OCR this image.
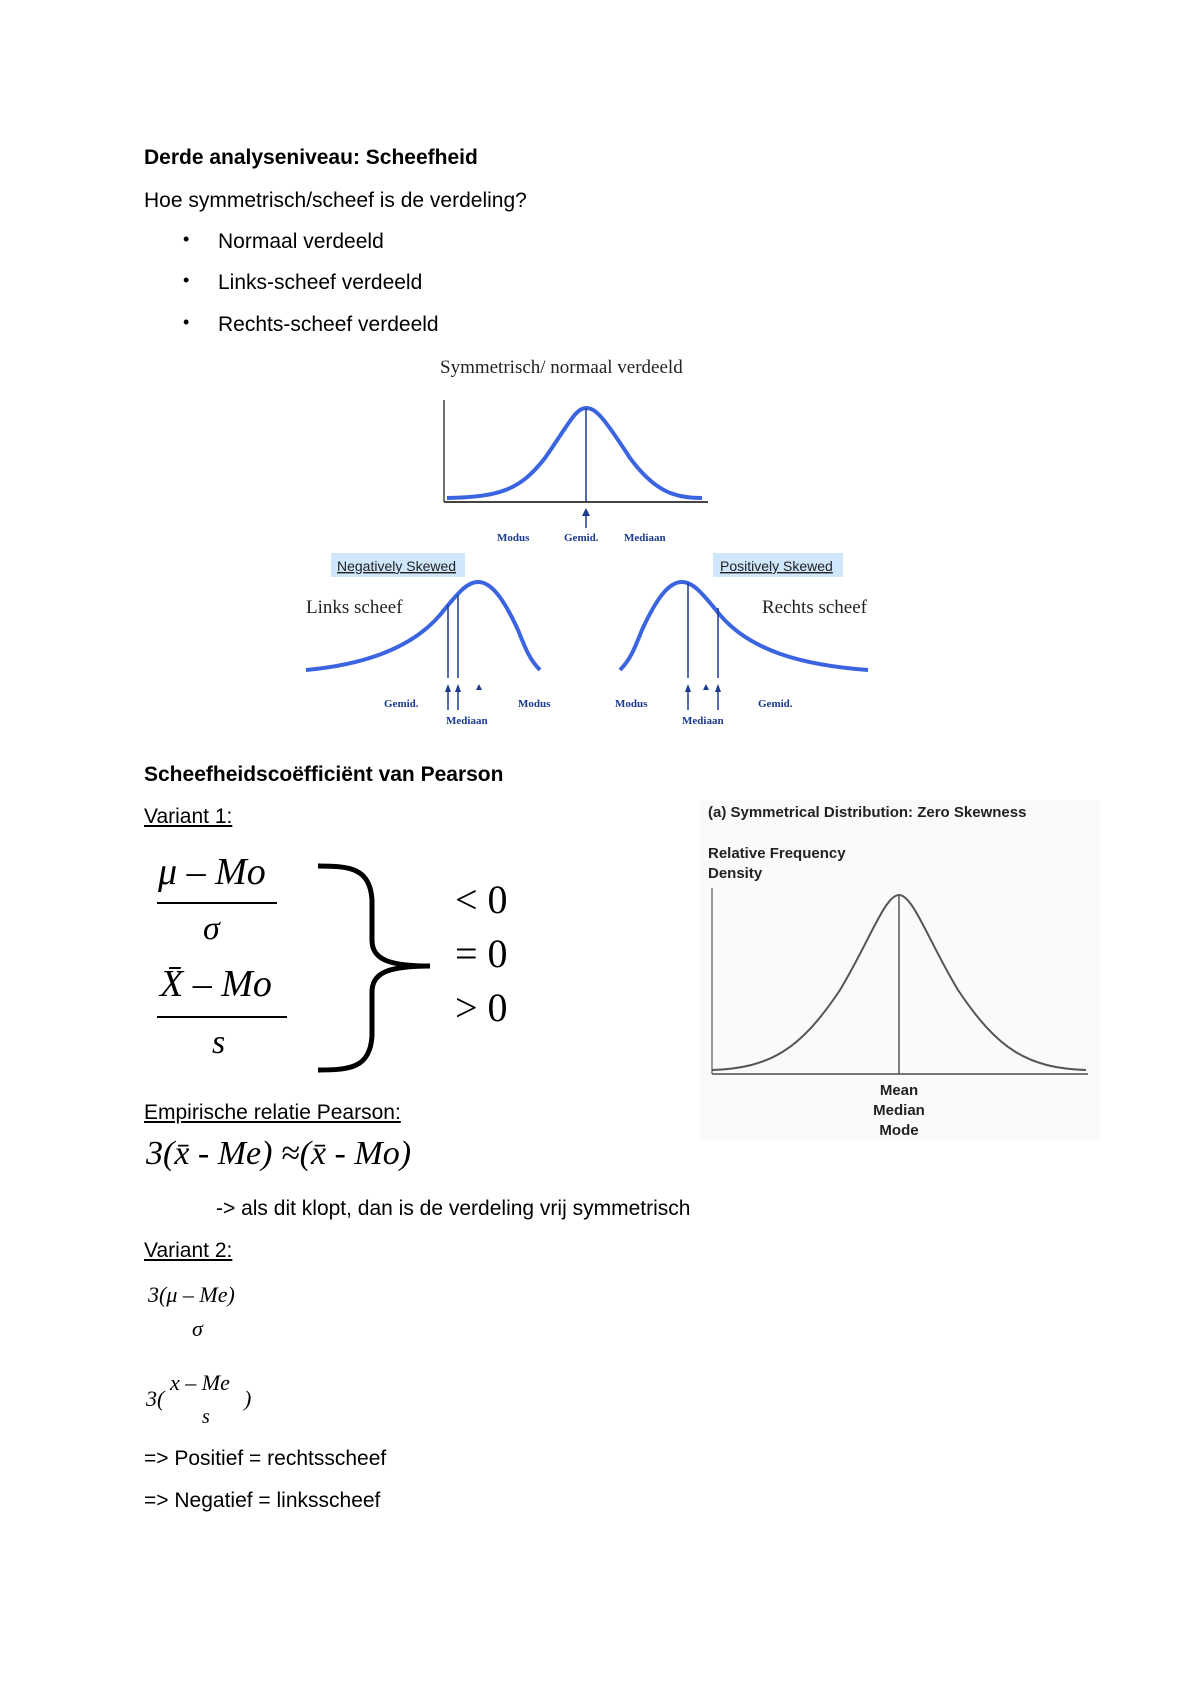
Derde analyseniveau: Scheefheid
Hoe symmetrisch/scheef is de verdeling?
• Normaal verdeeld
• Links-scheef verdeeld
• Rechts-scheef verdeeld
Symmetrisch/ normaal verdeeld
Modus	Gemid. Mediaan
Negatively Skewed	Positively Skewed
Links scheef	Rechts scheef
Gemid.
Mediaan
Modus	Modus
Mediaan
Gemid.
Scheefheidscoëfficiënt van Pearson
Variant 1:
μ – Mo
σ
X̄ – Mo
s
< 0
= 0
> 0
(a) Symmetrical Distribution: Zero Skewness
Relative Frequency
Density
Mean
Median
Mode
Empirische relatie Pearson:
3(x̄ - Me) ≈(x̄ - Mo)
-> als dit klopt, dan is de verdeling vrij symmetrisch
Variant 2:
3(μ – Me)
σ
3(
x – Me
s
)
=> Positief = rechtsscheef
=> Negatief = linksscheef
